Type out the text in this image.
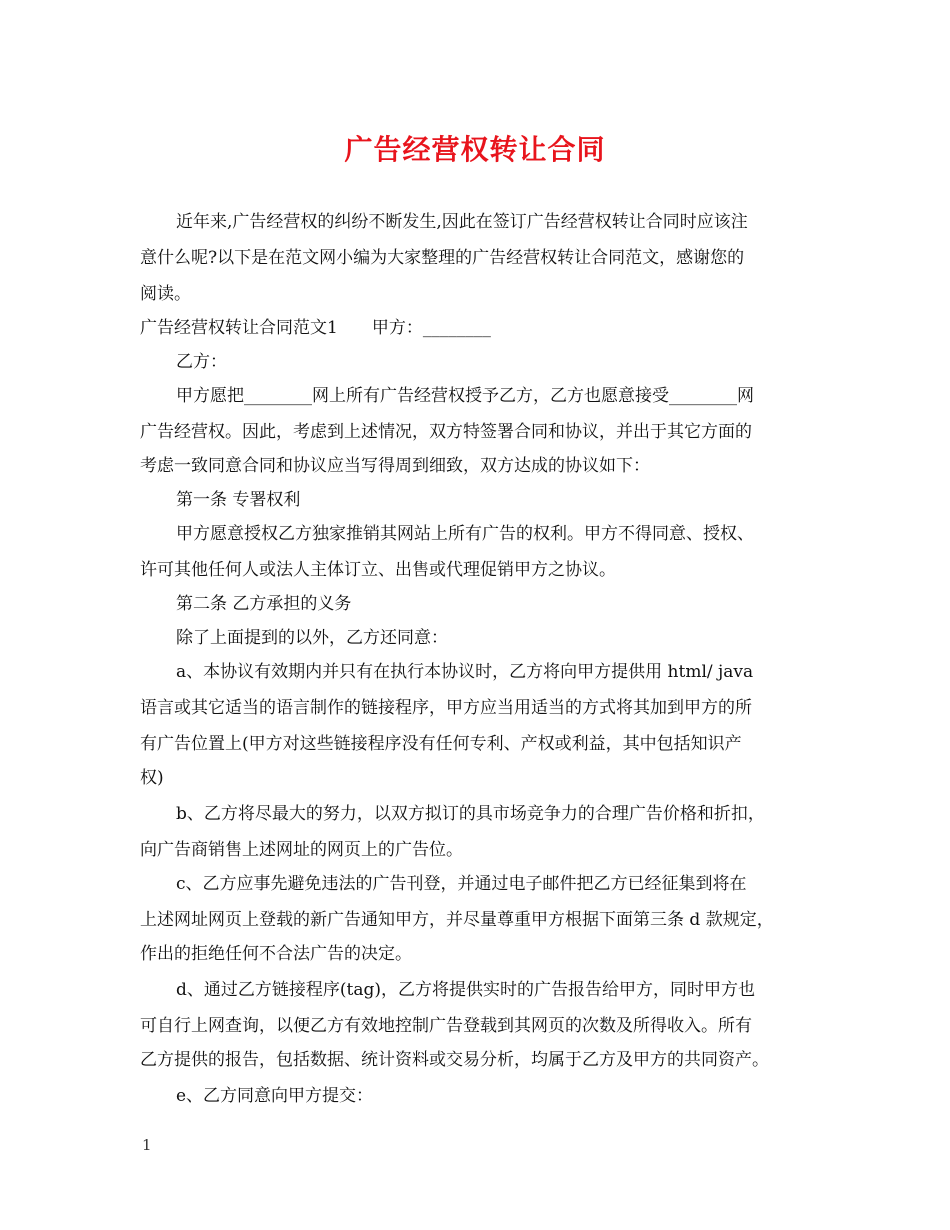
广告经营权转让合同
近年来,广告经营权的纠纷不断发生,因此在签订广告经营权转让合同时应该注
意什么呢?以下是在范文网小编为大家整理的广告经营权转让合同范文，感谢您的
阅读。
广告经营权转让合同范文1　　甲方：________
乙方：
甲方愿把________网上所有广告经营权授予乙方，乙方也愿意接受________网
广告经营权。因此，考虑到上述情况，双方特签署合同和协议，并出于其它方面的
考虑一致同意合同和协议应当写得周到细致，双方达成的协议如下：
第一条 专署权利
甲方愿意授权乙方独家推销其网站上所有广告的权利。甲方不得同意、授权、
许可其他任何人或法人主体订立、出售或代理促销甲方之协议。
第二条 乙方承担的义务
除了上面提到的以外，乙方还同意：
a、本协议有效期内并只有在执行本协议时，乙方将向甲方提供用 html/ java
语言或其它适当的语言制作的链接程序，甲方应当用适当的方式将其加到甲方的所
有广告位置上(甲方对这些链接程序没有任何专利、产权或利益，其中包括知识产
权)
b、乙方将尽最大的努力，以双方拟订的具市场竞争力的合理广告价格和折扣，
向广告商销售上述网址的网页上的广告位。
c、乙方应事先避免违法的广告刊登，并通过电子邮件把乙方已经征集到将在
上述网址网页上登载的新广告通知甲方，并尽量尊重甲方根据下面第三条 d 款规定，
作出的拒绝任何不合法广告的决定。
d、通过乙方链接程序(tag)，乙方将提供实时的广告报告给甲方，同时甲方也
可自行上网查询，以便乙方有效地控制广告登载到其网页的次数及所得收入。所有
乙方提供的报告，包括数据、统计资料或交易分析，均属于乙方及甲方的共同资产。
e、乙方同意向甲方提交：
1
